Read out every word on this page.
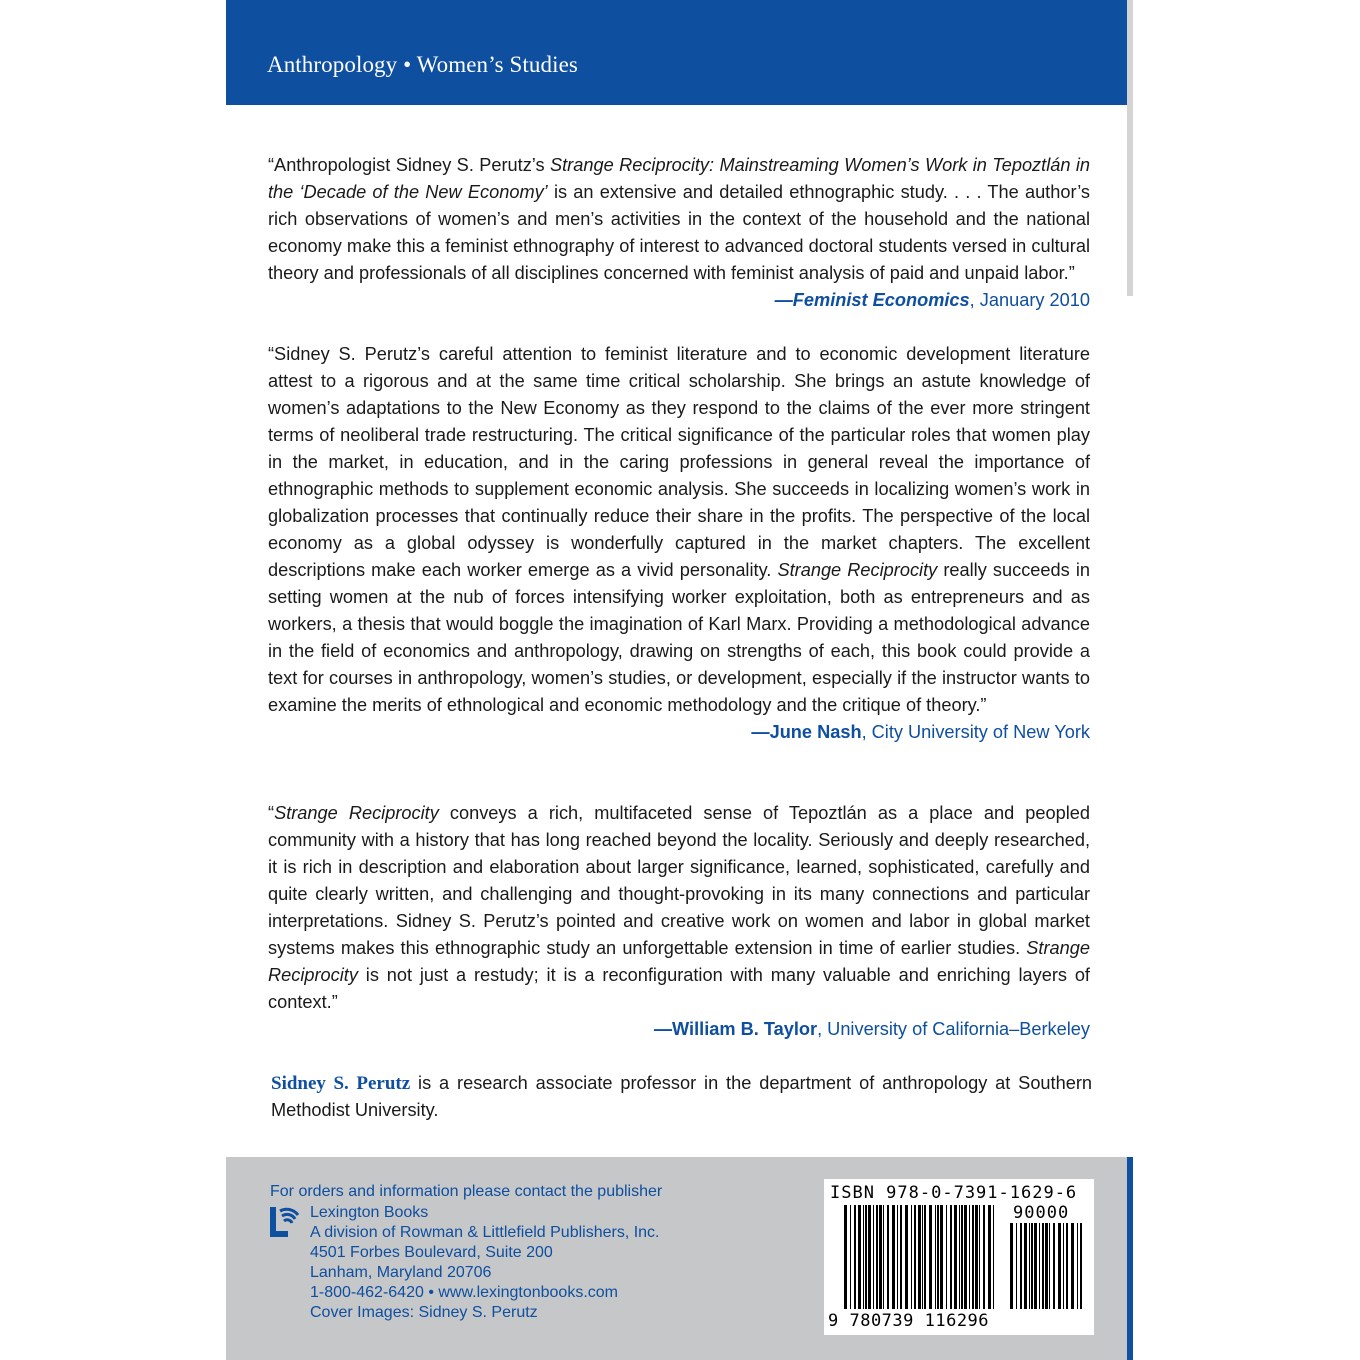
Anthropology • Women’s Studies

“Anthropologist Sidney S. Perutz’s Strange Reciprocity: Mainstreaming Women’s Work in Tepoztlán in the ‘Decade of the New Economy’ is an extensive and detailed ethnographic study. . . . The author’s rich observations of women’s and men’s activities in the context of the household and the national economy make this a feminist ethnography of interest to advanced doctoral students versed in cultural theory and professionals of all disciplines concerned with feminist analysis of paid and unpaid labor.”
—Feminist Economics, January 2010

“Sidney S. Perutz’s careful attention to feminist literature and to economic development literature attest to a rigorous and at the same time critical scholarship. She brings an astute knowledge of women’s adaptations to the New Economy as they respond to the claims of the ever more stringent terms of neoliberal trade restructuring. The critical significance of the particular roles that women play in the market, in education, and in the caring professions in general reveal the importance of ethnographic methods to supplement economic analysis. She succeeds in localizing women’s work in globalization processes that continually reduce their share in the profits. The perspective of the local economy as a global odyssey is wonderfully captured in the market chapters. The excellent descriptions make each worker emerge as a vivid personality. Strange Reciprocity really succeeds in setting women at the nub of forces intensifying worker exploitation, both as entrepreneurs and as workers, a thesis that would boggle the imagination of Karl Marx. Providing a methodological advance in the field of economics and anthropology, drawing on strengths of each, this book could provide a text for courses in anthropology, women’s studies, or development, especially if the instructor wants to examine the merits of ethnological and economic methodology and the critique of theory.”

—June Nash, City University of New York

“Strange Reciprocity conveys a rich, multifaceted sense of Tepoztlán as a place and peopled community with a history that has long reached beyond the locality. Seriously and deeply researched, it is rich in description and elaboration about larger significance, learned, sophisticated, carefully and quite clearly written, and challenging and thought-provoking in its many connections and particular interpretations. Sidney S. Perutz’s pointed and creative work on women and labor in global market systems makes this ethnographic study an unforgettable extension in time of earlier studies. Strange Reciprocity is not just a restudy; it is a reconfiguration with many valuable and enriching layers of context.”

—William B. Taylor, University of California–Berkeley

Sidney S. Perutz is a research associate professor in the department of anthropology at Southern Methodist University.

For orders and information please contact the publisher
Lexington Books
A division of Rowman & Littlefield Publishers, Inc.
4501 Forbes Boulevard, Suite 200
Lanham, Maryland 20706
1-800-462-6420 • www.lexingtonbooks.com
Cover Images: Sidney S. Perutz
ISBN 978-0-7391-1629-6
90000
9 780739 116296
